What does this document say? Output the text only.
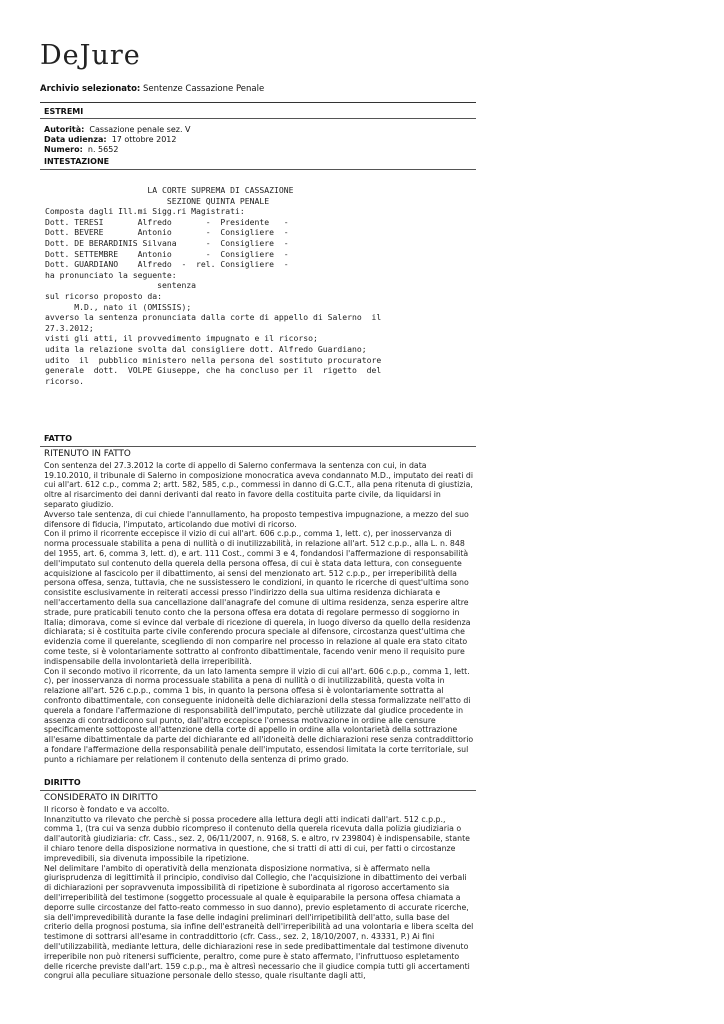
DeJure
Archivio selezionato: Sentenze Cassazione Penale
ESTREMI
Autorità: Cassazione penale sez. V
Data udienza: 17 ottobre 2012
Numero: n. 5652
INTESTAZIONE
LA CORTE SUPREMA DI CASSAZIONE
SEZIONE QUINTA PENALE
Composta dagli Ill.mi Sigg.ri Magistrati:
Dott. TERESI       Alfredo       -  Presidente   -
Dott. BEVERE       Antonio       -  Consigliere  -
Dott. DE BERARDINIS Silvana      -  Consigliere  -
Dott. SETTEMBRE    Antonio       -  Consigliere  -
Dott. GUARDIANO    Alfredo  -  rel. Consigliere  -
ha pronunciato la seguente:
sentenza
sul ricorso proposto da:
M.D., nato il (OMISSIS);
avverso la sentenza pronunciata dalla corte di appello di Salerno  il
27.3.2012;
visti gli atti, il provvedimento impugnato e il ricorso;
udita la relazione svolta dal consigliere dott. Alfredo Guardiano;
udito  il  pubblico ministero nella persona del sostituto procuratore
generale  dott.  VOLPE Giuseppe, che ha concluso per il  rigetto  del
ricorso.
FATTO
RITENUTO IN FATTO

Con sentenza del 27.3.2012 la corte di appello di Salerno confermava la sentenza con cui, in data 19.10.2010, il tribunale di Salerno in composizione monocratica aveva condannato M.D., imputato dei reati di cui all'art. 612 c.p., comma 2; artt. 582, 585, c.p., commessi in danno di G.C.T., alla pena ritenuta di giustizia, oltre al risarcimento dei danni derivanti dal reato in favore della costituita parte civile, da liquidarsi in separato giudizio.

Avverso tale sentenza, di cui chiede l'annullamento, ha proposto tempestiva impugnazione, a mezzo del suo difensore di fiducia, l'imputato, articolando due motivi di ricorso.

Con il primo il ricorrente eccepisce il vizio di cui all'art. 606 c.p.p., comma 1, lett. c), per inosservanza di norma processuale stabilita a pena di nullità o di inutilizzabilità, in relazione all'art. 512 c.p.p., alla L. n. 848 del 1955, art. 6, comma 3, lett. d), e art. 111 Cost., commi 3 e 4, fondandosi l'affermazione di responsabilità dell'imputato sul contenuto della querela della persona offesa, di cui è stata data lettura, con conseguente acquisizione al fascicolo per il dibattimento, ai sensi del menzionato art. 512 c.p.p., per irreperibilità della persona offesa, senza, tuttavia, che ne sussistessero le condizioni, in quanto le ricerche di quest'ultima sono consistite esclusivamente in reiterati accessi presso l'indirizzo della sua ultima residenza dichiarata e nell'accertamento della sua cancellazione dall'anagrafe del comune di ultima residenza, senza esperire altre strade, pure praticabili tenuto conto che la persona offesa era dotata di regolare permesso di soggiorno in Italia; dimorava, come si evince dal verbale di ricezione di querela, in luogo diverso da quello della residenza dichiarata; si è costituita parte civile conferendo procura speciale al difensore, circostanza quest'ultima che evidenzia come il querelante, scegliendo di non comparire nel processo in relazione al quale era stato citato come teste, si è volontariamente sottratto al confronto dibattimentale, facendo venir meno il requisito pure indispensabile della involontarietà della irreperibilità.

Con il secondo motivo il ricorrente, da un lato lamenta sempre il vizio di cui all'art. 606 c.p.p., comma 1, lett. c), per inosservanza di norma processuale stabilita a pena di nullità o di inutilizzabilità, questa volta in relazione all'art. 526 c.p.p., comma 1 bis, in quanto la persona offesa si è volontariamente sottratta al confronto dibattimentale, con conseguente inidoneità delle dichiarazioni della stessa formalizzate nell'atto di querela a fondare l'affermazione di responsabilità dell'imputato, perchè utilizzate dal giudice procedente in assenza di contraddicono sul punto, dall'altro eccepisce l'omessa motivazione in ordine alle censure specificamente sottoposte all'attenzione della corte di appello in ordine alla volontarietà della sottrazione all'esame dibattimentale da parte del dichiarante ed all'idoneità delle dichiarazioni rese senza contraddittorio a fondare l'affermazione della responsabilità penale dell'imputato, essendosi limitata la corte territoriale, sul punto a richiamare per relationem il contenuto della sentenza di primo grado.

DIRITTO
CONSIDERATO IN DIRITTO

Il ricorso è fondato e va accolto.

Innanzitutto va rilevato che perchè si possa procedere alla lettura degli atti indicati dall'art. 512 c.p.p., comma 1, (tra cui va senza dubbio ricompreso il contenuto della querela ricevuta dalla polizia giudiziaria o dall'autorità giudiziaria: cfr. Cass., sez. 2, 06/11/2007, n. 9168, S. e altro, rv 239804) è indispensabile, stante il chiaro tenore della disposizione normativa in questione, che si tratti di atti di cui, per fatti o circostanze imprevedibili, sia divenuta impossibile la ripetizione.

Nel delimitare l'ambito di operatività della menzionata disposizione normativa, si è affermato nella giurisprudenza di legittimità il principio, condiviso dal Collegio, che l'acquisizione in dibattimento dei verbali di dichiarazioni per sopravvenuta impossibilità di ripetizione è subordinata al rigoroso accertamento sia dell'irreperibilità del testimone (soggetto processuale al quale è equiparabile la persona offesa chiamata a deporre sulle circostanze del fatto-reato commesso in suo danno), previo espletamento di accurate ricerche, sia dell'imprevedibilità durante la fase delle indagini preliminari dell'irripetibilità dell'atto, sulla base del criterio della prognosi postuma, sia infine dell'estraneità dell'irreperibilità ad una volontaria e libera scelta del testimone di sottrarsi all'esame in contraddittorio (cfr. Cass., sez. 2, 18/10/2007, n. 43331, P.) Ai fini dell'utilizzabilità, mediante lettura, delle dichiarazioni rese in sede predibattimentale dal testimone divenuto irreperibile non può ritenersi sufficiente, peraltro, come pure è stato affermato, l'infruttuoso espletamento delle ricerche previste dall'art. 159 c.p.p., ma è altresì necessario che il giudice compia tutti gli accertamenti congrui alla peculiare situazione personale dello stesso, quale risultante dagli atti,
